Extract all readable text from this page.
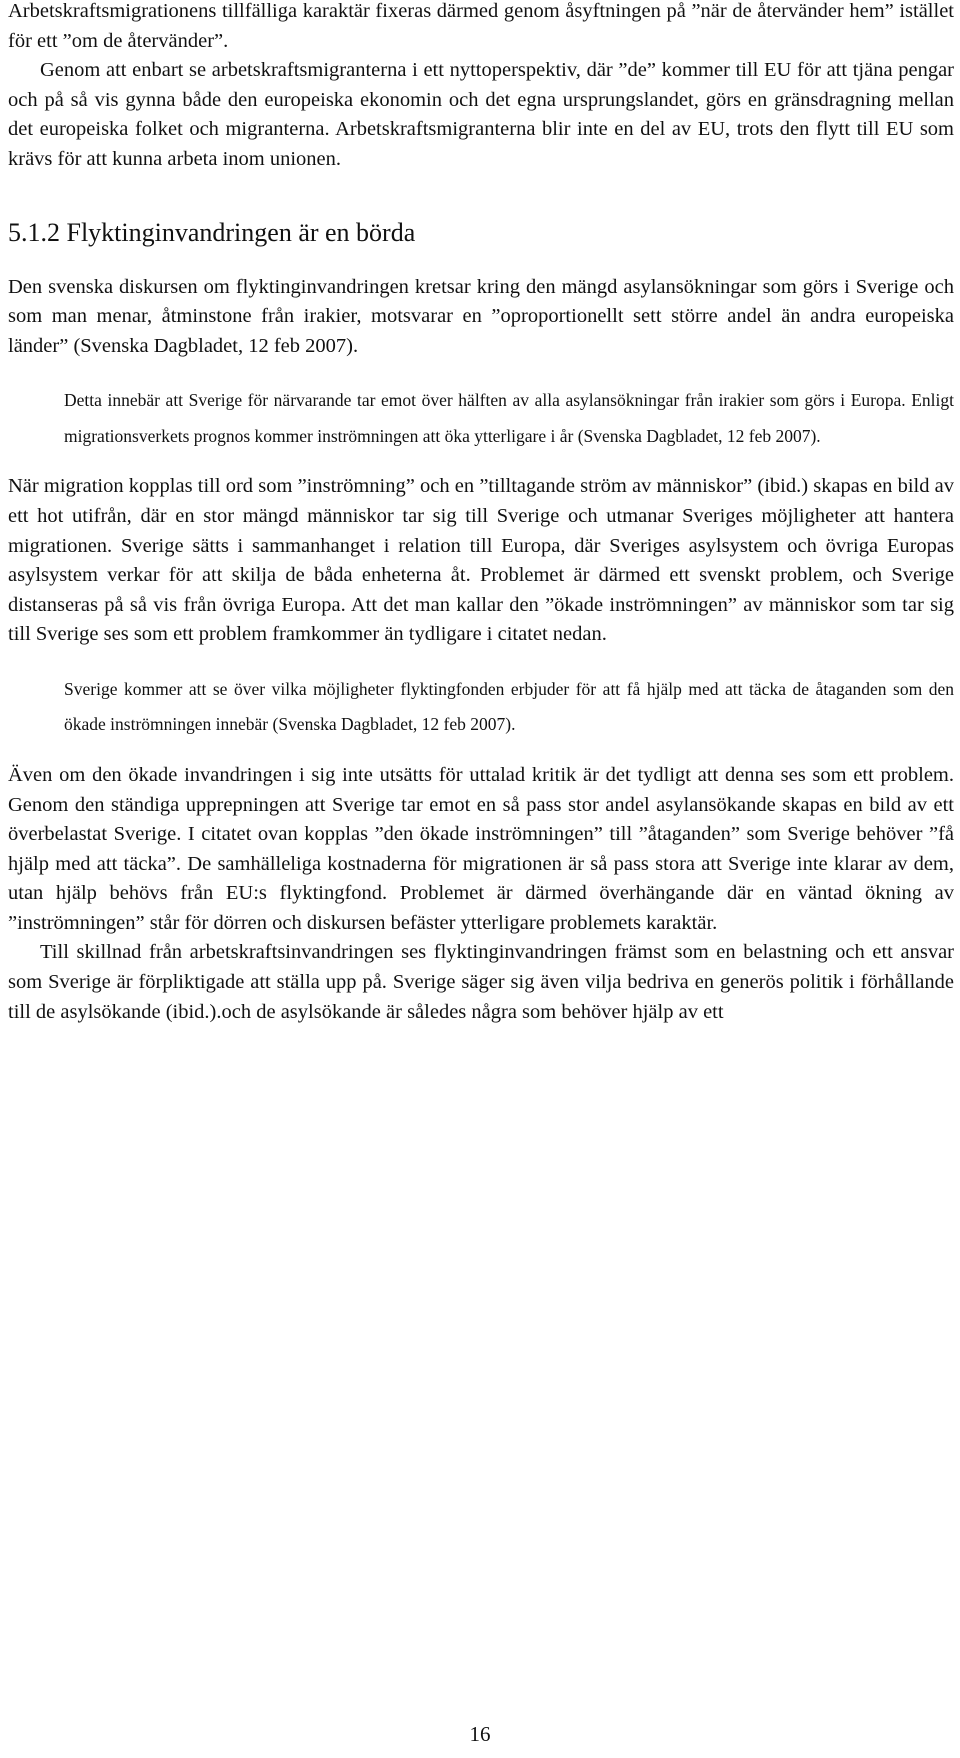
Arbetskraftsmigrationens tillfälliga karaktär fixeras därmed genom åsyftningen på ”när de återvänder hem” istället för ett ”om de återvänder”.

Genom att enbart se arbetskraftsmigranterna i ett nyttoperspektiv, där ”de” kommer till EU för att tjäna pengar och på så vis gynna både den europeiska ekonomin och det egna ursprungslandet, görs en gränsdragning mellan det europeiska folket och migranterna. Arbetskraftsmigranterna blir inte en del av EU, trots den flytt till EU som krävs för att kunna arbeta inom unionen.

5.1.2 Flyktinginvandringen är en börda

Den svenska diskursen om flyktinginvandringen kretsar kring den mängd asylansökningar som görs i Sverige och som man menar, åtminstone från irakier, motsvarar en ”oproportionellt sett större andel än andra europeiska länder” (Svenska Dagbladet, 12 feb 2007).

Detta innebär att Sverige för närvarande tar emot över hälften av alla asylansökningar från irakier som görs i Europa. Enligt migrationsverkets prognos kommer inströmningen att öka ytterligare i år (Svenska Dagbladet, 12 feb 2007).

När migration kopplas till ord som ”inströmning” och en ”tilltagande ström av människor” (ibid.) skapas en bild av ett hot utifrån, där en stor mängd människor tar sig till Sverige och utmanar Sveriges möjligheter att hantera migrationen. Sverige sätts i sammanhanget i relation till Europa, där Sveriges asylsystem och övriga Europas asylsystem verkar för att skilja de båda enheterna åt. Problemet är därmed ett svenskt problem, och Sverige distanseras på så vis från övriga Europa. Att det man kallar den ”ökade inströmningen” av människor som tar sig till Sverige ses som ett problem framkommer än tydligare i citatet nedan.

Sverige kommer att se över vilka möjligheter flyktingfonden erbjuder för att få hjälp med att täcka de åtaganden som den ökade inströmningen innebär (Svenska Dagbladet, 12 feb 2007).

Även om den ökade invandringen i sig inte utsätts för uttalad kritik är det tydligt att denna ses som ett problem. Genom den ständiga upprepningen att Sverige tar emot en så pass stor andel asylansökande skapas en bild av ett överbelastat Sverige. I citatet ovan kopplas ”den ökade inströmningen” till ”åtaganden” som Sverige behöver ”få hjälp med att täcka”. De samhälleliga kostnaderna för migrationen är så pass stora att Sverige inte klarar av dem, utan hjälp behövs från EU:s flyktingfond. Problemet är därmed överhängande där en väntad ökning av ”inströmningen” står för dörren och diskursen befäster ytterligare problemets karaktär.

Till skillnad från arbetskraftsinvandringen ses flyktinginvandringen främst som en belastning och ett ansvar som Sverige är förpliktigade att ställa upp på. Sverige säger sig även vilja bedriva en generös politik i förhållande till de asylsökande (ibid.).och de asylsökande är således några som behöver hjälp av ett

16
